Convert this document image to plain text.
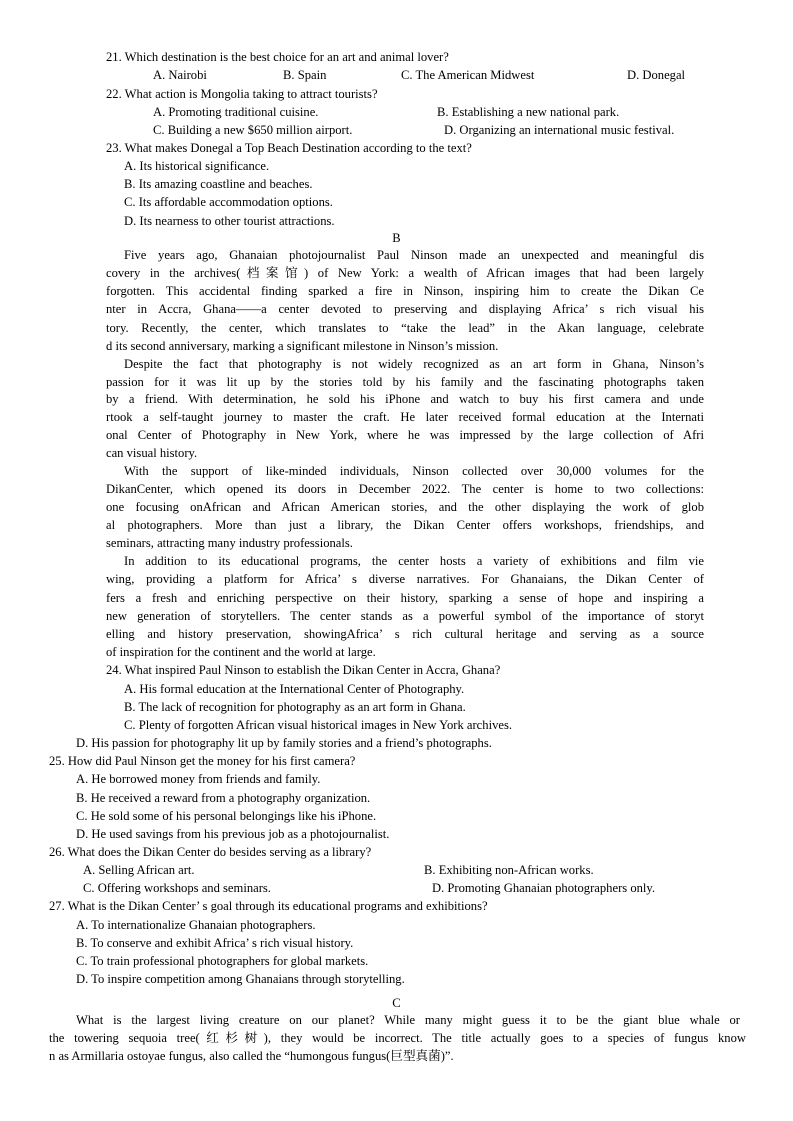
21. Which destination is the best choice for an art and animal lover?
A. Nairobi	B. Spain	C. The American Midwest	D. Donegal
22. What action is Mongolia taking to attract tourists?
A. Promoting traditional cuisine.	B. Establishing a new national park.
C. Building a new $650 million airport.	D. Organizing an international music festival.
23. What makes Donegal a Top Beach Destination according to the text?
A. Its historical significance.
B. Its amazing coastline and beaches.
C. Its affordable accommodation options.
D. Its nearness to other tourist attractions.
B
Five years ago, Ghanaian photojournalist Paul Ninson made an unexpected and meaningful dis
covery in the archives(档案馆) of New York: a wealth of African images that had been largely
forgotten. This accidental finding sparked a fire in Ninson, inspiring him to create the Dikan Ce
nter in Accra, Ghana——a center devoted to preserving and displaying Africa’ s rich visual his
tory. Recently, the center, which translates to “take the lead” in the Akan language, celebrate
d its second anniversary, marking a significant milestone in Ninson’s mission.
Despite the fact that photography is not widely recognized as an art form in Ghana, Ninson’s
passion for it was lit up by the stories told by his family and the fascinating photographs taken
by a friend. With determination, he sold his iPhone and watch to buy his first camera and unde
rtook a self-taught journey to master the craft. He later received formal education at the Internati
onal Center of Photography in New York, where he was impressed by the large collection of Afri
can visual history.
With the support of like-minded individuals, Ninson collected over 30,000 volumes for the
DikanCenter, which opened its doors in December 2022. The center is home to two collections:
one focusing onAfrican and African American stories, and the other displaying the work of glob
al photographers. More than just a library, the Dikan Center offers workshops, friendships, and
seminars, attracting many industry professionals.
In addition to its educational programs, the center hosts a variety of exhibitions and film vie
wing, providing a platform for Africa’ s diverse narratives. For Ghanaians, the Dikan Center of
fers a fresh and enriching perspective on their history, sparking a sense of hope and inspiring a
new generation of storytellers. The center stands as a powerful symbol of the importance of storyt
elling and history preservation, showingAfrica’ s rich cultural heritage and serving as a source
of inspiration for the continent and the world at large.
24. What inspired Paul Ninson to establish the Dikan Center in Accra, Ghana?
A. His formal education at the International Center of Photography.
B. The lack of recognition for photography as an art form in Ghana.
C. Plenty of forgotten African visual historical images in New York archives.
D. His passion for photography lit up by family stories and a friend’s photographs.
25. How did Paul Ninson get the money for his first camera?
A. He borrowed money from friends and family.
B. He received a reward from a photography organization.
C. He sold some of his personal belongings like his iPhone.
D. He used savings from his previous job as a photojournalist.
26. What does the Dikan Center do besides serving as a library?
A. Selling African art.	B. Exhibiting non-African works.
C. Offering workshops and seminars.	D. Promoting Ghanaian photographers only.
27. What is the Dikan Center’ s goal through its educational programs and exhibitions?
A. To internationalize Ghanaian photographers.
B. To conserve and exhibit Africa’ s rich visual history.
C. To train professional photographers for global markets.
D. To inspire competition among Ghanaians through storytelling.
C
What is the largest living creature on our planet? While many might guess it to be the giant blue whale or
the towering sequoia tree(红杉树), they would be incorrect. The title actually goes to a species of fungus know
n as Armillaria ostoyae fungus, also called the “humongous fungus(巨型真菌)”.
